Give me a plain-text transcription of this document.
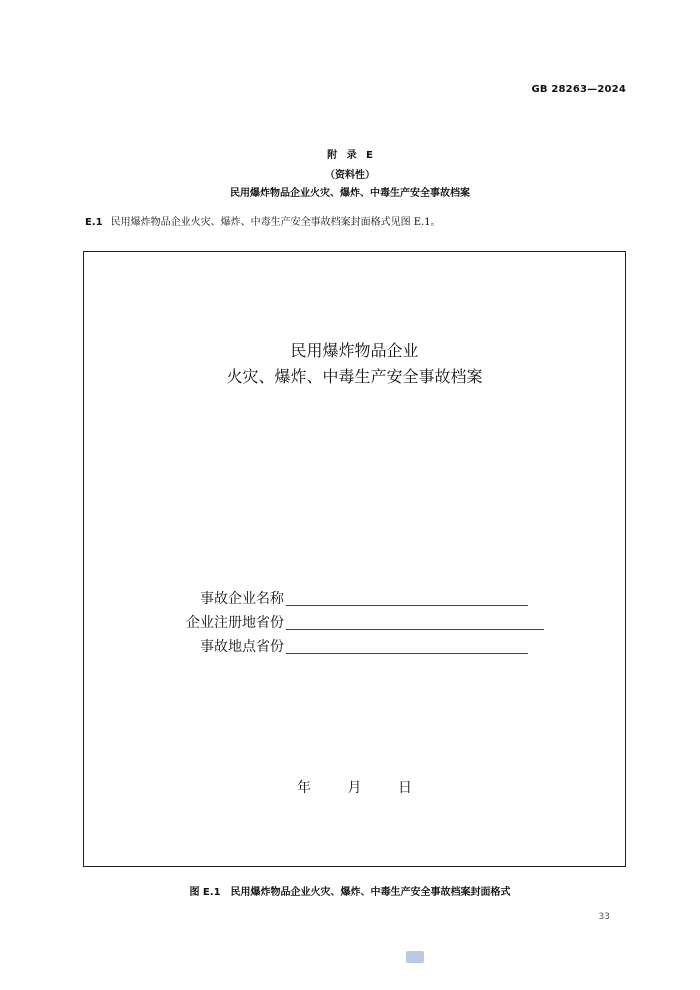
GB 28263—2024
附 录 E
（资料性）
民用爆炸物品企业火灾、爆炸、中毒生产安全事故档案
E.1 民用爆炸物品企业火灾、爆炸、中毒生产安全事故档案封面格式见图 E.1。
民用爆炸物品企业
火灾、爆炸、中毒生产安全事故档案
事故企业名称
企业注册地省份
事故地点省份
年	月	日
图 E.1　民用爆炸物品企业火灾、爆炸、中毒生产安全事故档案封面格式
33
